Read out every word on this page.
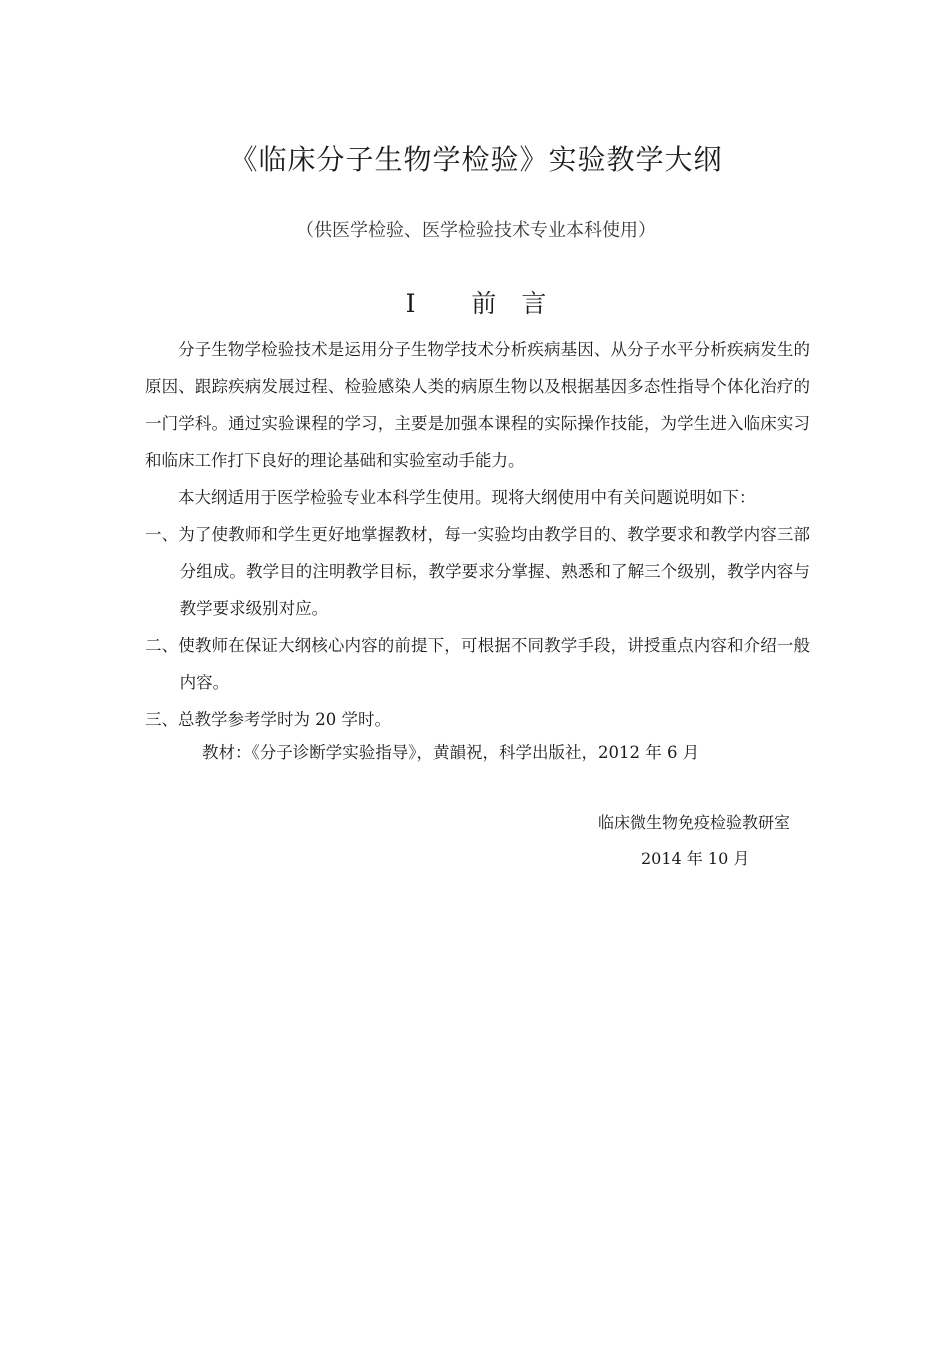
《临床分子生物学检验》实验教学大纲
（供医学检验、医学检验技术专业本科使用）
I 前　言

分子生物学检验技术是运用分子生物学技术分析疾病基因、从分子水平分析疾病发生的原因、跟踪疾病发展过程、检验感染人类的病原生物以及根据基因多态性指导个体化治疗的一门学科。通过实验课程的学习，主要是加强本课程的实际操作技能，为学生进入临床实习和临床工作打下良好的理论基础和实验室动手能力。

本大纲适用于医学检验专业本科学生使用。现将大纲使用中有关问题说明如下：

一、为了使教师和学生更好地掌握教材，每一实验均由教学目的、教学要求和教学内容三部分组成。教学目的注明教学目标，教学要求分掌握、熟悉和了解三个级别，教学内容与教学要求级别对应。

二、使教师在保证大纲核心内容的前提下，可根据不同教学手段，讲授重点内容和介绍一般内容。

三、总教学参考学时为 20 学时。

教材：《分子诊断学实验指导》，黄韻祝，科学出版社，2012 年 6 月
临床微生物免疫检验教研室
2014 年 10 月
